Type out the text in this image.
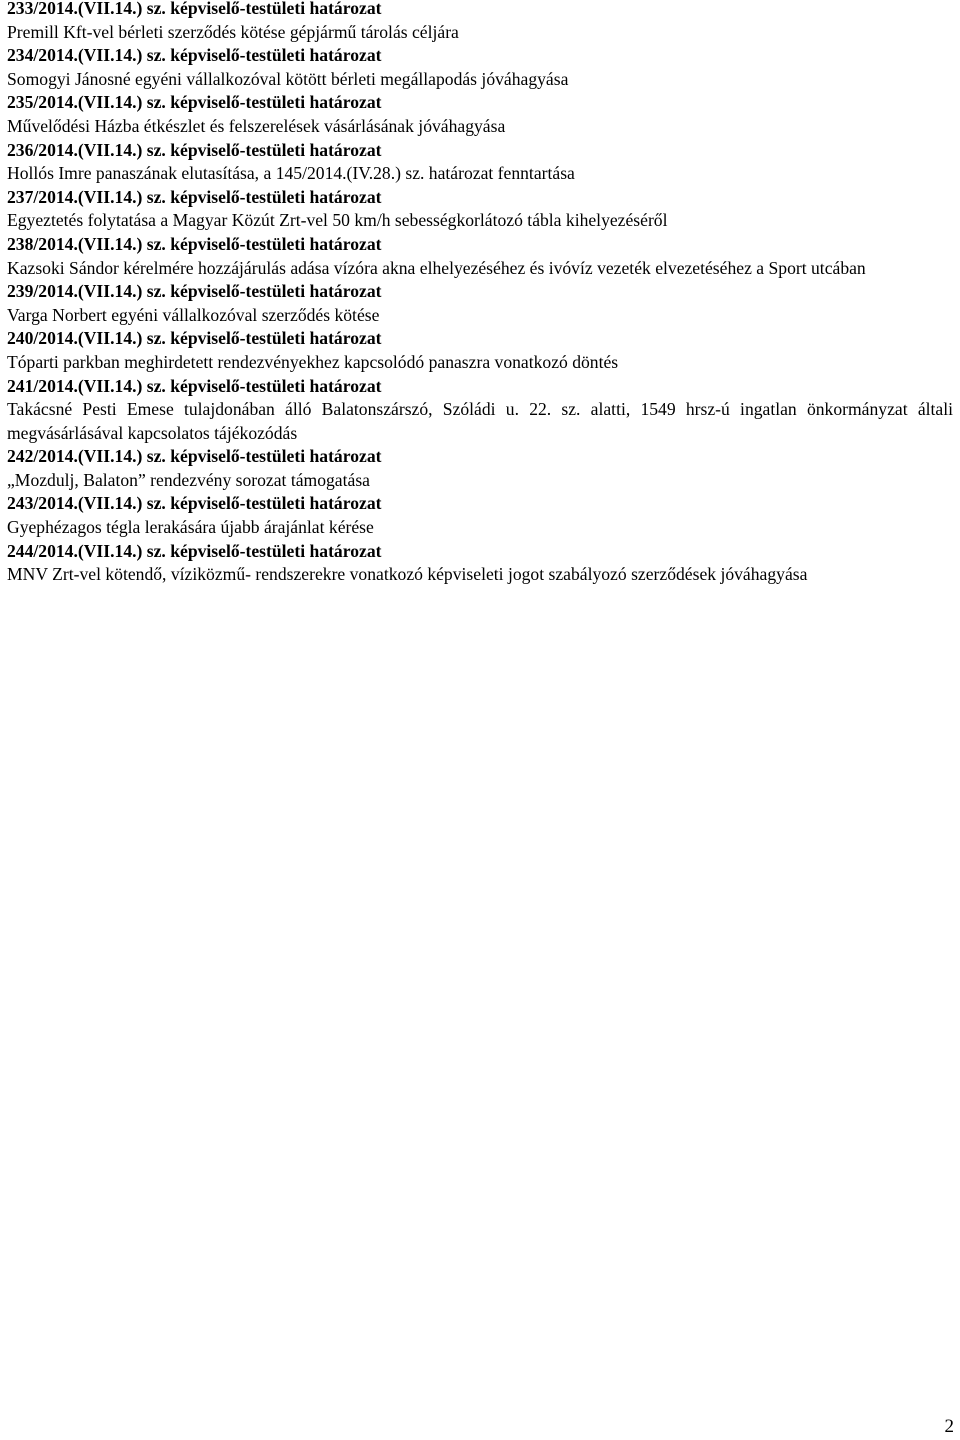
233/2014.(VII.14.) sz. képviselő-testületi határozat

Premill Kft-vel bérleti szerződés kötése gépjármű tárolás céljára

234/2014.(VII.14.) sz. képviselő-testületi határozat

Somogyi Jánosné egyéni vállalkozóval kötött bérleti megállapodás jóváhagyása

235/2014.(VII.14.) sz. képviselő-testületi határozat

Művelődési Házba étkészlet és felszerelések vásárlásának jóváhagyása

236/2014.(VII.14.) sz. képviselő-testületi határozat

Hollós Imre panaszának elutasítása, a 145/2014.(IV.28.) sz. határozat fenntartása

237/2014.(VII.14.) sz. képviselő-testületi határozat

Egyeztetés folytatása a Magyar Közút Zrt-vel 50 km/h sebességkorlátozó tábla kihelyezéséről

238/2014.(VII.14.) sz. képviselő-testületi határozat

Kazsoki Sándor kérelmére hozzájárulás adása vízóra akna elhelyezéséhez és ivóvíz vezeték elvezetéséhez a Sport utcában

239/2014.(VII.14.) sz. képviselő-testületi határozat

Varga Norbert egyéni vállalkozóval szerződés kötése

240/2014.(VII.14.) sz. képviselő-testületi határozat

Tóparti parkban meghirdetett rendezvényekhez kapcsolódó panaszra vonatkozó döntés

241/2014.(VII.14.) sz. képviselő-testületi határozat

Takácsné Pesti Emese tulajdonában álló Balatonszárszó, Szóládi u. 22. sz. alatti, 1549 hrsz-ú ingatlan önkormányzat általi megvásárlásával kapcsolatos tájékozódás

242/2014.(VII.14.) sz. képviselő-testületi határozat

„Mozdulj, Balaton” rendezvény sorozat támogatása

243/2014.(VII.14.) sz. képviselő-testületi határozat

Gyephézagos tégla lerakására újabb árajánlat kérése

244/2014.(VII.14.) sz. képviselő-testületi határozat

MNV Zrt-vel kötendő, víziközmű- rendszerekre vonatkozó képviseleti jogot szabályozó szerződések jóváhagyása

2
